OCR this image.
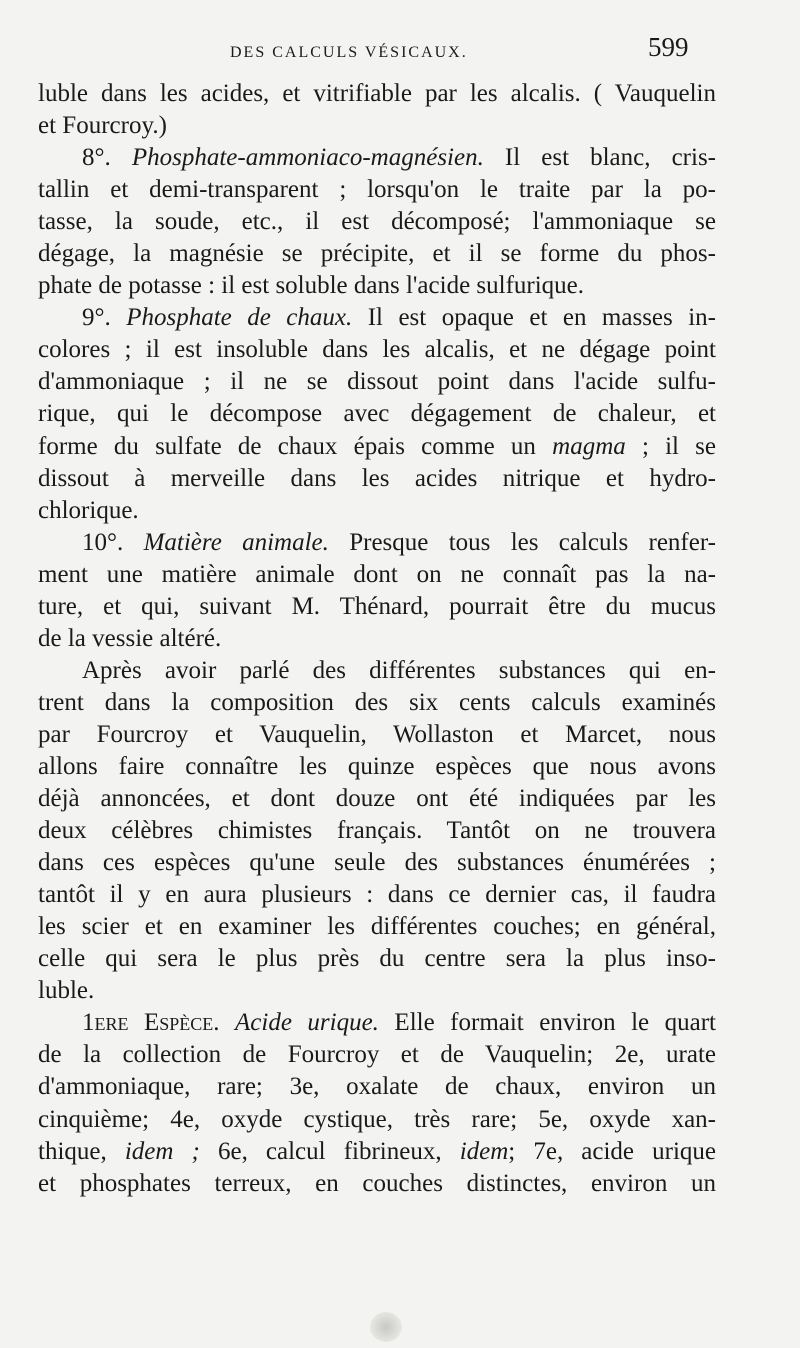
DES CALCULS VÉSICAUX.	599
luble dans les acides, et vitrifiable par les alcalis. ( Vauquelin
et Fourcroy.)
8°. Phosphate-ammoniaco-magnésien. Il est blanc, cris-
tallin et demi-transparent ; lorsqu'on le traite par la po-
tasse, la soude, etc., il est décomposé; l'ammoniaque se
dégage, la magnésie se précipite, et il se forme du phos-
phate de potasse : il est soluble dans l'acide sulfurique.
9°. Phosphate de chaux. Il est opaque et en masses in-
colores ; il est insoluble dans les alcalis, et ne dégage point
d'ammoniaque ; il ne se dissout point dans l'acide sulfu-
rique, qui le décompose avec dégagement de chaleur, et
forme du sulfate de chaux épais comme un magma ; il se
dissout à merveille dans les acides nitrique et hydro-
chlorique.
10°. Matière animale. Presque tous les calculs renfer-
ment une matière animale dont on ne connaît pas la na-
ture, et qui, suivant M. Thénard, pourrait être du mucus
de la vessie altéré.
Après avoir parlé des différentes substances qui en-
trent dans la composition des six cents calculs examinés
par Fourcroy et Vauquelin, Wollaston et Marcet, nous
allons faire connaître les quinze espèces que nous avons
déjà annoncées, et dont douze ont été indiquées par les
deux célèbres chimistes français. Tantôt on ne trouvera
dans ces espèces qu'une seule des substances énumérées ;
tantôt il y en aura plusieurs : dans ce dernier cas, il faudra
les scier et en examiner les différentes couches; en général,
celle qui sera le plus près du centre sera la plus inso-
luble.
1ere Espèce. Acide urique. Elle formait environ le quart
de la collection de Fourcroy et de Vauquelin; 2e, urate
d'ammoniaque, rare; 3e, oxalate de chaux, environ un
cinquième; 4e, oxyde cystique, très rare; 5e, oxyde xan-
thique, idem ; 6e, calcul fibrineux, idem; 7e, acide urique
et phosphates terreux, en couches distinctes, environ un
